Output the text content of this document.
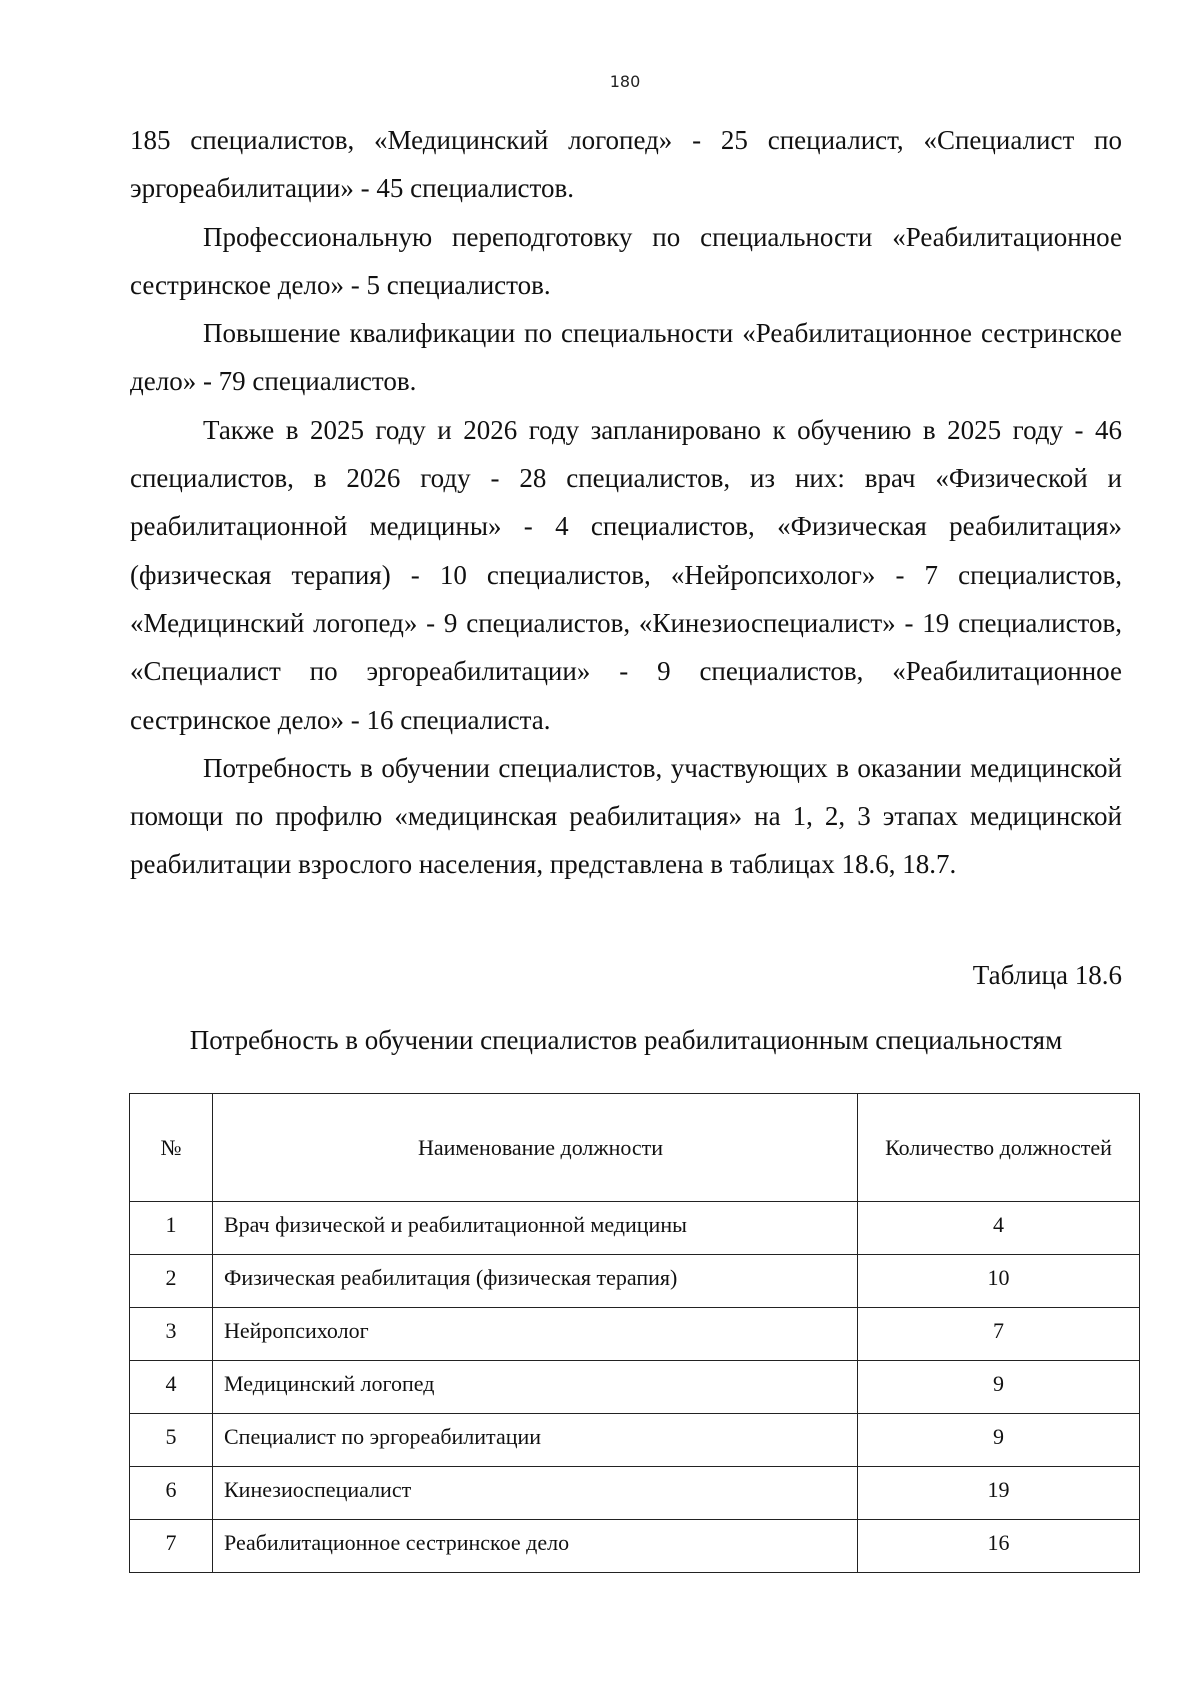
180

185 специалистов, «Медицинский логопед» - 25 специалист, «Специалист по эргореабилитации» - 45 специалистов.

Профессиональную переподготовку по специальности «Реабилитационное сестринское дело» - 5 специалистов.

Повышение квалификации по специальности «Реабилитационное сестринское дело» - 79 специалистов.

Также в 2025 году и 2026 году запланировано к обучению в 2025 году - 46 специалистов, в 2026 году - 28 специалистов, из них: врач «Физической и реабилитационной медицины» - 4 специалистов, «Физическая реабилитация» (физическая терапия) - 10 специалистов, «Нейропсихолог» - 7 специалистов, «Медицинский логопед» - 9 специалистов, «Кинезиоспециалист» - 19 специалистов, «Специалист по эргореабилитации» - 9 специалистов, «Реабилитационное сестринское дело» - 16 специалиста.

Потребность в обучении специалистов, участвующих в оказании медицинской помощи по профилю «медицинская реабилитация» на 1, 2, 3 этапах медицинской реабилитации взрослого населения, представлена в таблицах 18.6, 18.7.

Таблица 18.6
Потребность в обучении специалистов реабилитационным специальностям
№	Наименование должности	Количество должностей
1	Врач физической и реабилитационной медицины	4
2	Физическая реабилитация (физическая терапия)	10
3	Нейропсихолог	7
4	Медицинский логопед	9
5	Специалист по эргореабилитации	9
6	Кинезиоспециалист	19
7	Реабилитационное сестринское дело	16
